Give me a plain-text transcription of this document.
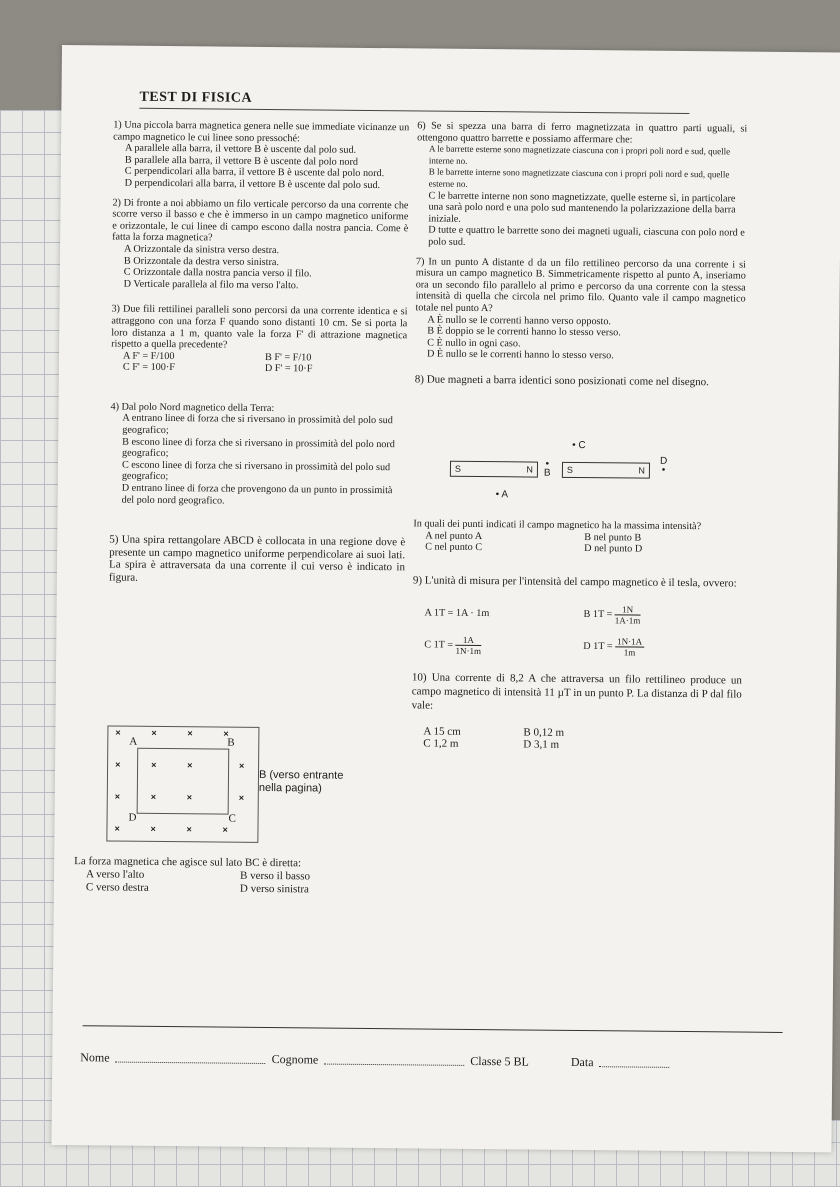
TEST DI FISICA

1) Una piccola barra magnetica genera nelle sue immediate vicinanze un campo magnetico le cui linee sono pressoché:

A parallele alla barra, il vettore B è uscente dal polo sud.

B parallele alla barra, il vettore B è uscente dal polo nord

C perpendicolari alla barra, il vettore B è uscente dal polo nord.

D perpendicolari alla barra, il vettore B è uscente dal polo sud.

2) Di fronte a noi abbiamo un filo verticale percorso da una corrente che scorre verso il basso e che è immerso in un campo magnetico uniforme e orizzontale, le cui linee di campo escono dalla nostra pancia. Come è fatta la forza magnetica?

A Orizzontale da sinistra verso destra.

B Orizzontale da destra verso sinistra.

C Orizzontale dalla nostra pancia verso il filo.

D Verticale parallela al filo ma verso l'alto.

3) Due fili rettilinei paralleli sono percorsi da una corrente identica e si attraggono con una forza F quando sono distanti 10 cm. Se si porta la loro distanza a 1 m, quanto vale la forza F' di attrazione magnetica rispetto a quella precedente?

A F' = F/100	B F' = F/10
C F' = 100·F	D F' = 10·F

4) Dal polo Nord magnetico della Terra:

A entrano linee di forza che si riversano in prossimità del polo sud geografico;

B escono linee di forza che si riversano in prossimità del polo nord geografico;

C escono linee di forza che si riversano in prossimità del polo sud geografico;

D entrano linee di forza che provengono da un punto in prossimità del polo nord geografico.

5) Una spira rettangolare ABCD è collocata in una regione dove è presente un campo magnetico uniforme perpendicolare ai suoi lati. La spira è attraversata da una corrente il cui verso è indicato in figura.

A	B
C
D
×	×	×	×
×	×	×	×
×	×	×	×
×	×	×	×
B (verso entrante nella pagina)

La forza magnetica che agisce sul lato BC è diretta:

A verso l'alto	B verso il basso
C verso destra	D verso sinistra

6) Se si spezza una barra di ferro magnetizzata in quattro parti uguali, si ottengono quattro barrette e possiamo affermare che:

A le barrette esterne sono magnetizzate ciascuna con i propri poli nord e sud, quelle interne no.

B le barrette interne sono magnetizzate ciascuna con i propri poli nord e sud, quelle esterne no.

C le barrette interne non sono magnetizzate, quelle esterne sì, in particolare una sarà polo nord e una polo sud mantenendo la polarizzazione della barra iniziale.

D tutte e quattro le barrette sono dei magneti uguali, ciascuna con polo nord e polo sud.

7) In un punto A distante d da un filo rettilineo percorso da una corrente i si misura un campo magnetico B. Simmetricamente rispetto al punto A, inseriamo ora un secondo filo parallelo al primo e percorso da una corrente con la stessa intensità di quella che circola nel primo filo. Quanto vale il campo magnetico totale nel punto A?

A È nullo se le correnti hanno verso opposto.

B È doppio se le correnti hanno lo stesso verso.

C È nullo in ogni caso.

D È nullo se le correnti hanno lo stesso verso.

8) Due magneti a barra identici sono posizionati come nel disegno.

• C
S	N	•
B	S	N
D
•
• A

In quali dei punti indicati il campo magnetico ha la massima intensità?

A nel punto A	B nel punto B
C nel punto C	D nel punto D

9) L'unità di misura per l'intensità del campo magnetico è il tesla, ovvero:

A 1T = 1A · 1m	B $1T = \frac{1N}{1A\cdot 1m}$
C $1T = \frac{1A}{1N\cdot 1m}$	D $1T = \frac{1N\cdot 1A}{1m}$

10) Una corrente di 8,2 A che attraversa un filo rettilineo produce un campo magnetico di intensità 11 µT in un punto P. La distanza di P dal filo vale:

A 15 cm	B 0,12 m
C 1,2 m	D 3,1 m
Nome	Cognome	Classe 5 BL	Data
